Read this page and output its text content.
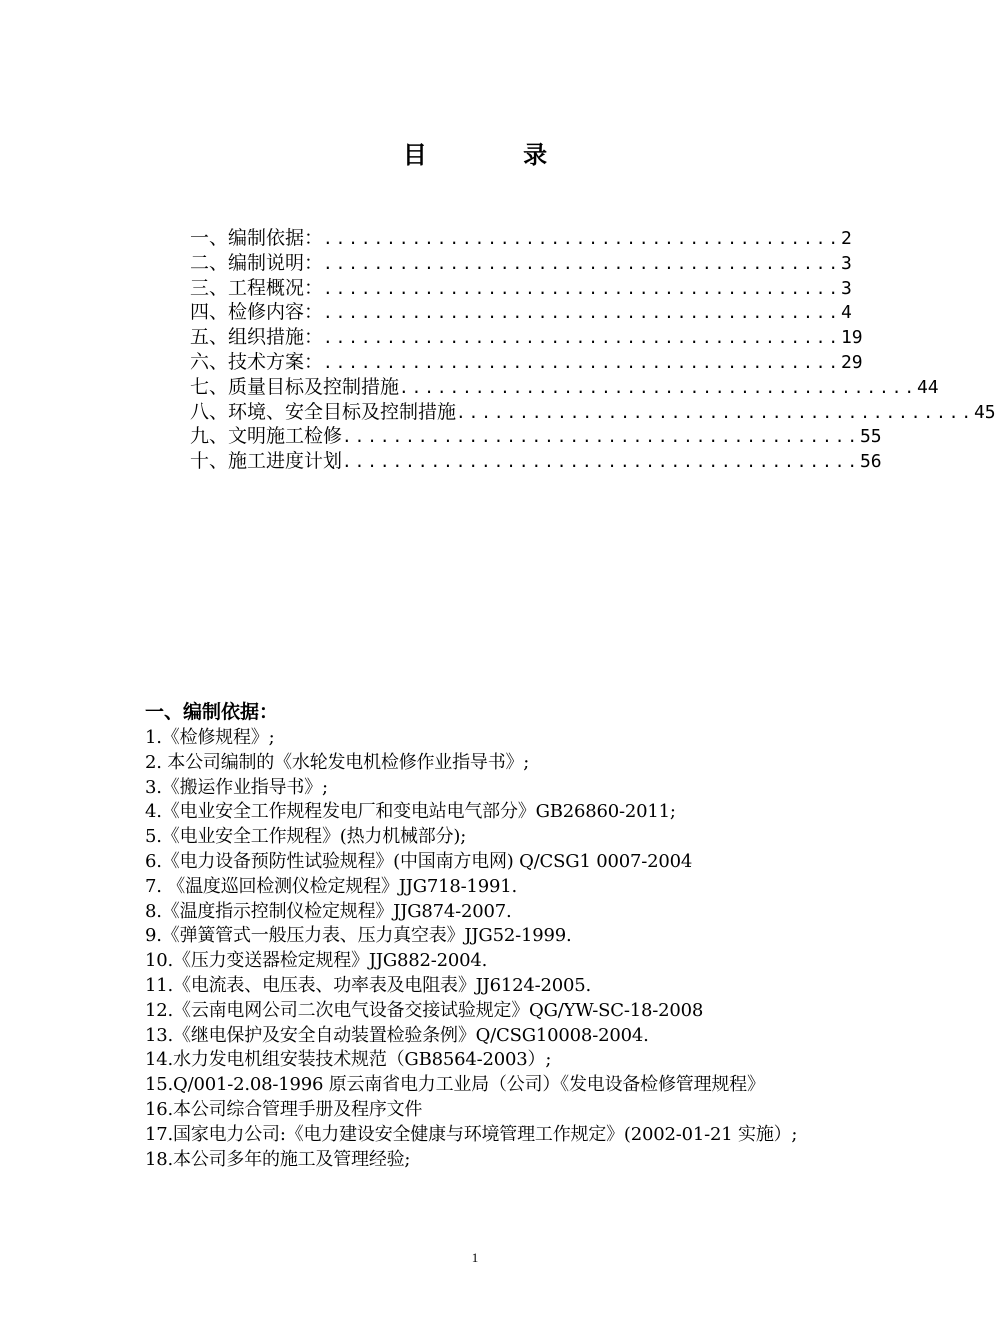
目 录
一、编制依据： ......................................... 2
二、编制说明： ......................................... 3
三、工程概况： ......................................... 3
四、检修内容： ......................................... 4
五、组织措施： ......................................... 19
六、技术方案： ......................................... 29
七、质量目标及控制措施 ......................................... 44
八、环境、安全目标及控制措施 ......................................... 45
九、文明施工检修 ......................................... 55
十、施工进度计划 ......................................... 56
一、编制依据：
1.《检修规程》;
2. 本公司编制的《水轮发电机检修作业指导书》;
3.《搬运作业指导书》;
4.《电业安全工作规程发电厂和变电站电气部分》GB26860-2011;
5.《电业安全工作规程》(热力机械部分);
6.《电力设备预防性试验规程》(中国南方电网) Q/CSG1 0007-2004
7. 《温度巡回检测仪检定规程》JJG718-1991.
8.《温度指示控制仪检定规程》JJG874-2007.
9.《弹簧管式一般压力表、压力真空表》JJG52-1999.
10.《压力变送器检定规程》JJG882-2004.
11.《电流表、电压表、功率表及电阻表》JJ6124-2005.
12.《云南电网公司二次电气设备交接试验规定》QG/YW-SC-18-2008
13.《继电保护及安全自动装置检验条例》Q/CSG10008-2004.
14.水力发电机组安装技术规范（GB8564-2003）;
15.Q/001-2.08-1996 原云南省电力工业局（公司）《发电设备检修管理规程》
16.本公司综合管理手册及程序文件
17.国家电力公司:《电力建设安全健康与环境管理工作规定》(2002-01-21 实施）;
18.本公司多年的施工及管理经验;
1
